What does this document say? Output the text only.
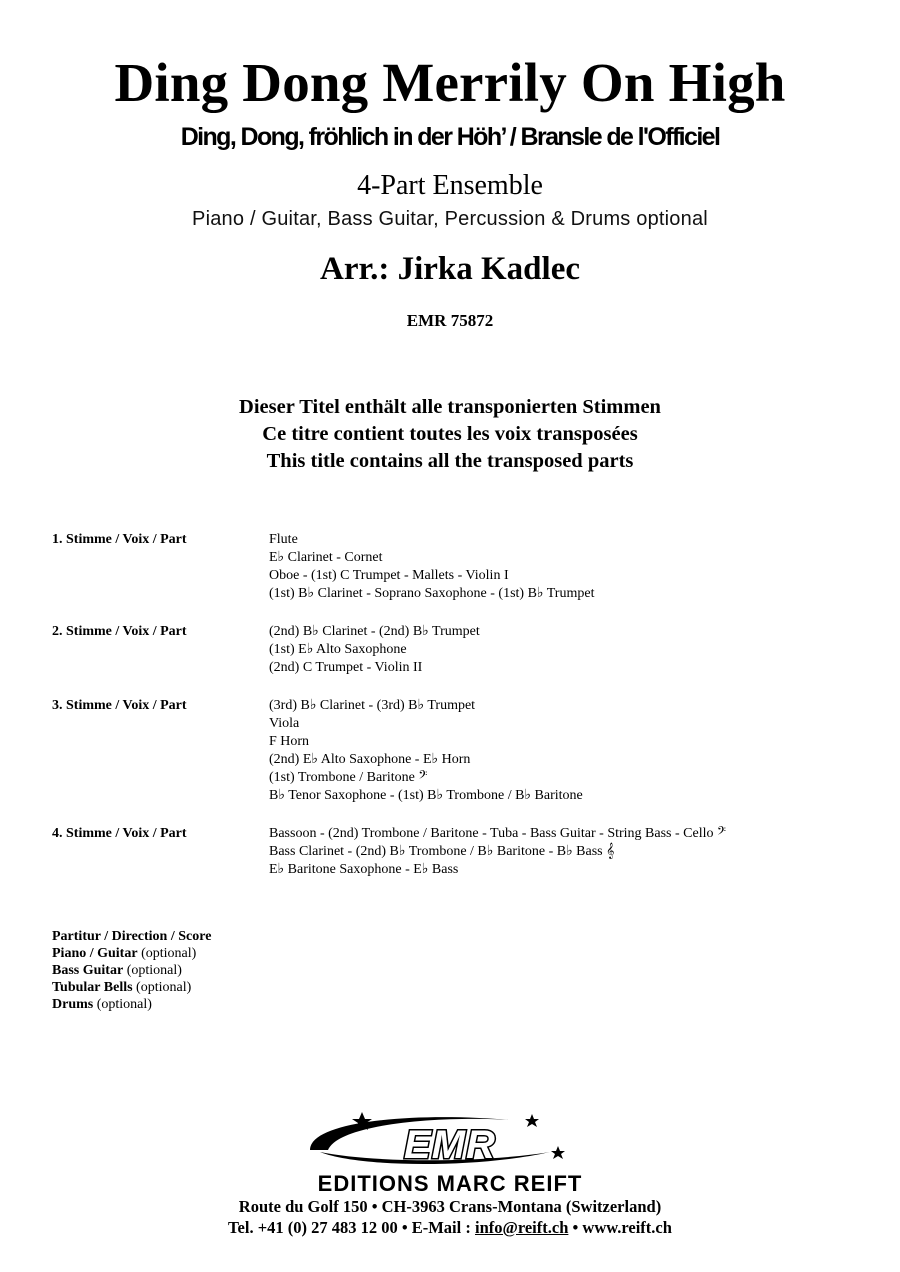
Ding Dong Merrily On High
Ding, Dong, fröhlich in der Höh’ / Bransle de l'Officiel
4-Part Ensemble
Piano / Guitar, Bass Guitar, Percussion & Drums optional
Arr.: Jirka Kadlec
EMR 75872
Dieser Titel enthält alle transponierten Stimmen
Ce titre contient toutes les voix transposées
This title contains all the transposed parts
1. Stimme / Voix / Part	Flute
E♭ Clarinet - Cornet
Oboe - (1st) C Trumpet - Mallets - Violin I
(1st) B♭ Clarinet - Soprano Saxophone - (1st) B♭ Trumpet
2. Stimme / Voix / Part	(2nd) B♭ Clarinet - (2nd) B♭ Trumpet
(1st) E♭ Alto Saxophone
(2nd) C Trumpet - Violin II
3. Stimme / Voix / Part	(3rd) B♭ Clarinet - (3rd) B♭ Trumpet
Viola
F Horn
(2nd) E♭ Alto Saxophone - E♭ Horn
(1st) Trombone / Baritone 𝄢
B♭ Tenor Saxophone - (1st) B♭ Trombone / B♭ Baritone
4. Stimme / Voix / Part	Bassoon - (2nd) Trombone / Baritone - Tuba - Bass Guitar - String Bass - Cello 𝄢
Bass Clarinet - (2nd) B♭ Trombone / B♭ Baritone - B♭ Bass 𝄞
E♭ Baritone Saxophone - E♭ Bass
Partitur / Direction / Score
Piano / Guitar (optional)
Bass Guitar (optional)
Tubular Bells (optional)
Drums (optional)
EMR
EDITIONS MARC REIFT
Route du Golf 150 • CH-3963 Crans-Montana (Switzerland)
Tel. +41 (0) 27 483 12 00 • E-Mail : info@reift.ch • www.reift.ch
